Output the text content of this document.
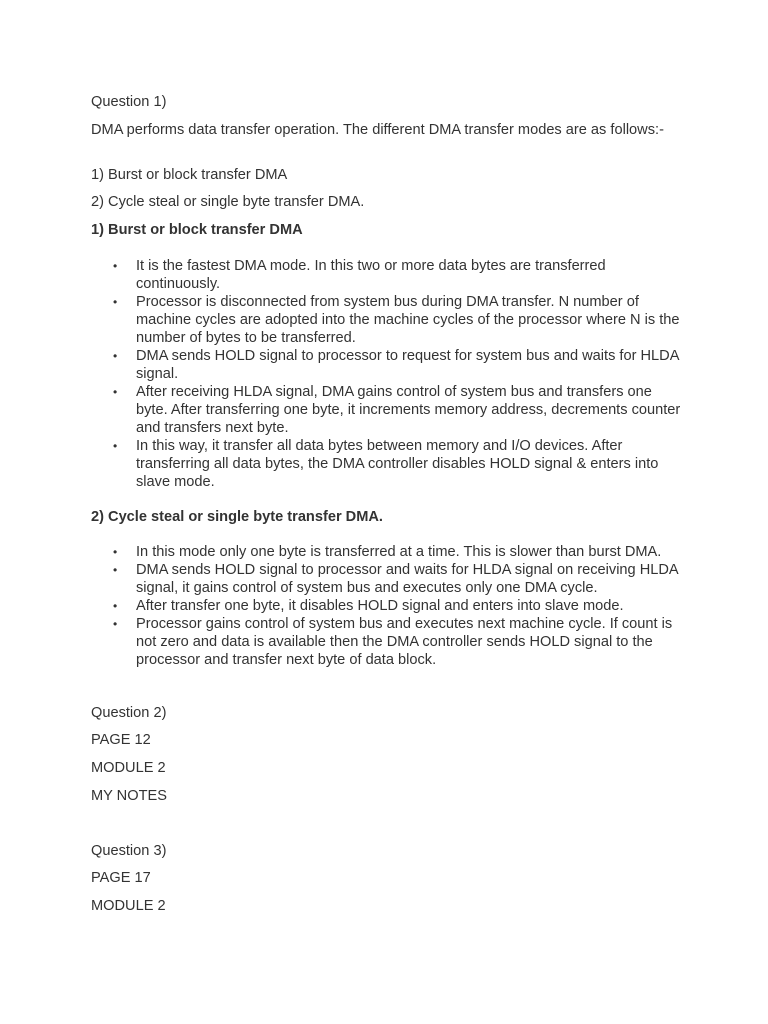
Question 1)
DMA performs data transfer operation. The different DMA transfer modes are as follows:-
1) Burst or block transfer DMA
2) Cycle steal or single byte transfer DMA.
1) Burst or block transfer DMA
• It is the fastest DMA mode. In this two or more data bytes are transferred continuously.
• Processor is disconnected from system bus during DMA transfer. N number of machine cycles are adopted into the machine cycles of the processor where N is the number of bytes to be transferred.
• DMA sends HOLD signal to processor to request for system bus and waits for HLDA signal.
• After receiving HLDA signal, DMA gains control of system bus and transfers one byte. After transferring one byte, it increments memory address, decrements counter and transfers next byte.
• In this way, it transfer all data bytes between memory and I/O devices. After transferring all data bytes, the DMA controller disables HOLD signal & enters into slave mode.
2) Cycle steal or single byte transfer DMA.
• In this mode only one byte is transferred at a time. This is slower than burst DMA.
• DMA sends HOLD signal to processor and waits for HLDA signal on receiving HLDA signal, it gains control of system bus and executes only one DMA cycle.
• After transfer one byte, it disables HOLD signal and enters into slave mode.
• Processor gains control of system bus and executes next machine cycle. If count is not zero and data is available then the DMA controller sends HOLD signal to the processor and transfer next byte of data block.
Question 2)
PAGE 12
MODULE 2
MY NOTES
Question 3)
PAGE 17
MODULE 2
